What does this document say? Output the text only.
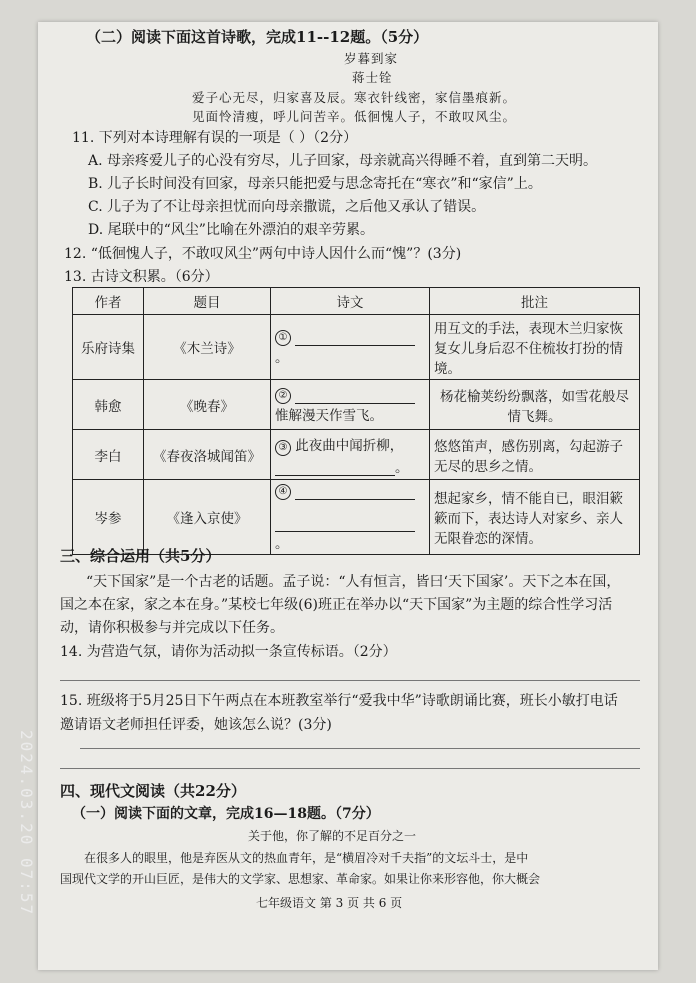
（二）阅读下面这首诗歌，完成11--12题。（5分）
岁暮到家
蒋士铨
爱子心无尽，归家喜及辰。寒衣针线密，家信墨痕新。
见面怜清瘦，呼儿问苦辛。低徊愧人子，不敢叹风尘。
11. 下列对本诗理解有误的一项是（ ）（2分）
A. 母亲疼爱儿子的心没有穷尽，儿子回家，母亲就高兴得睡不着，直到第二天明。
B. 儿子长时间没有回家，母亲只能把爱与思念寄托在“寒衣”和“家信”上。
C. 儿子为了不让母亲担忧而向母亲撒谎，之后他又承认了错误。
D. 尾联中的“风尘”比喻在外漂泊的艰辛劳累。
12. “低徊愧人子，不敢叹风尘”两句中诗人因什么而“愧”？(3分)
13. 古诗文积累。（6分）
作者	题目	诗文	批注
乐府诗集	《木兰诗》	① 。	用互文的手法，表现木兰归家恢复女儿身后忍不住梳妆打扮的情境。
韩愈	《晚春》	②
惟解漫天作雪飞。	杨花榆荚纷纷飘落，如雪花般尽情飞舞。
李白	《春夜洛城闻笛》	③ 此夜曲中闻折柳，
。	悠悠笛声，感伤别离，勾起游子无尽的思乡之情。
岑参	《逢入京使》	④

。	想起家乡，情不能自已，眼泪簌簌而下，表达诗人对家乡、亲人无限眷恋的深情。
三、综合运用（共5分）
“天下国家”是一个古老的话题。孟子说：“人有恒言，皆曰‘天下国家’。天下之本在国，
国之本在家，家之本在身。”某校七年级(6)班正在举办以“天下国家”为主题的综合性学习活
动，请你积极参与并完成以下任务。
14. 为营造气氛，请你为活动拟一条宣传标语。（2分）
15. 班级将于5月25日下午两点在本班教室举行“爱我中华”诗歌朗诵比赛，班长小敏打电话
邀请语文老师担任评委，她该怎么说？(3分)
四、现代文阅读（共22分）
（一）阅读下面的文章，完成16—18题。（7分）
关于他，你了解的不足百分之一
在很多人的眼里，他是弃医从文的热血青年，是“横眉冷对千夫指”的文坛斗士，是中
国现代文学的开山巨匠，是伟大的文学家、思想家、革命家。如果让你来形容他，你大概会
七年级语文 第 3 页 共 6 页
2024.03.20 07:57
